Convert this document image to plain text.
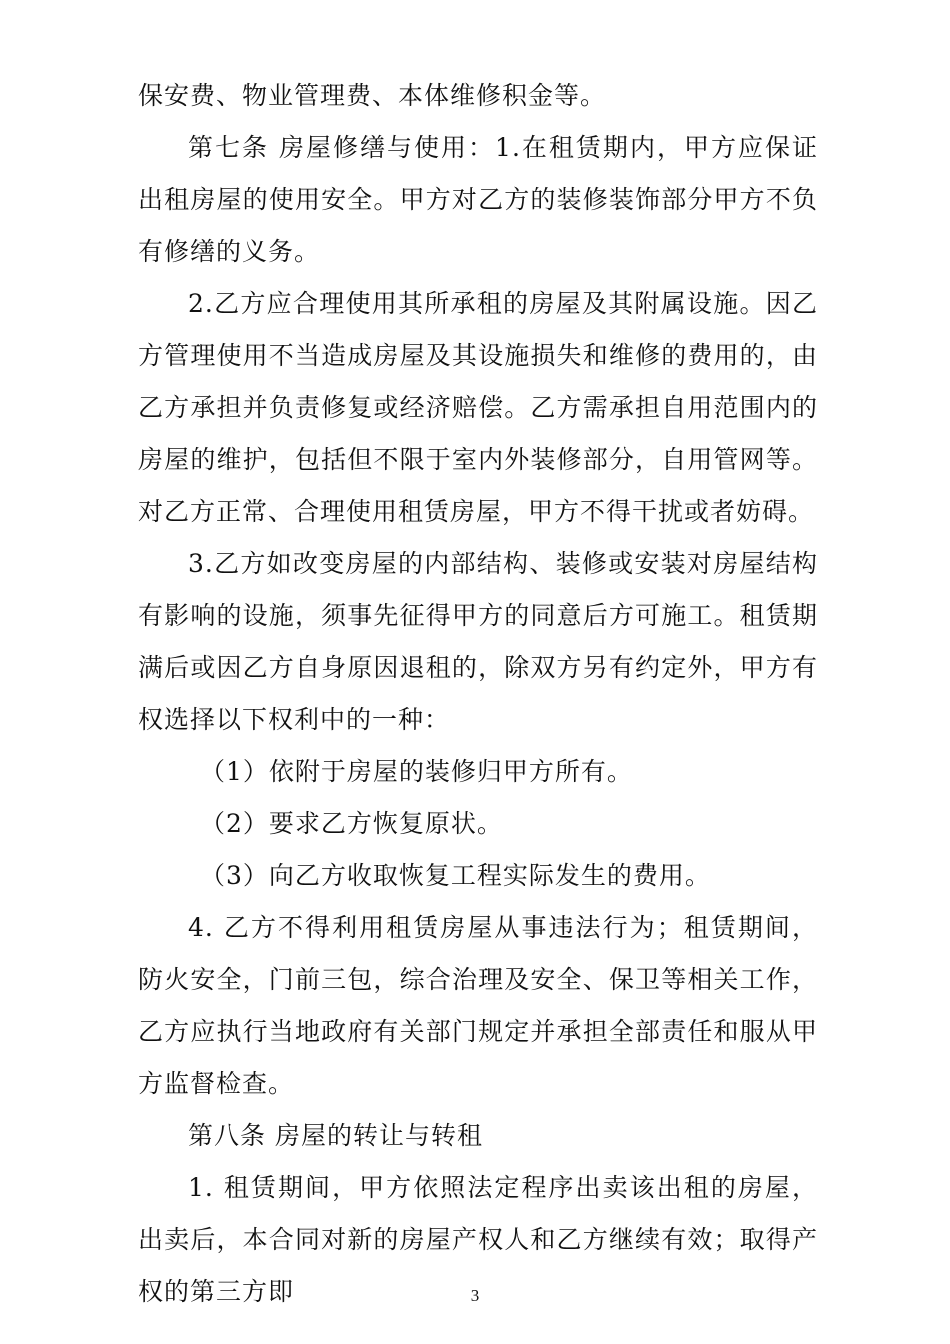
保安费、物业管理费、本体维修积金等。

第七条 房屋修缮与使用：1.在租赁期内，甲方应保证出租房屋的使用安全。甲方对乙方的装修装饰部分甲方不负有修缮的义务。

2.乙方应合理使用其所承租的房屋及其附属设施。因乙方管理使用不当造成房屋及其设施损失和维修的费用的，由乙方承担并负责修复或经济赔偿。乙方需承担自用范围内的房屋的维护，包括但不限于室内外装修部分，自用管网等。对乙方正常、合理使用租赁房屋，甲方不得干扰或者妨碍。

3.乙方如改变房屋的内部结构、装修或安装对房屋结构有影响的设施，须事先征得甲方的同意后方可施工。租赁期满后或因乙方自身原因退租的，除双方另有约定外，甲方有权选择以下权利中的一种：

（1）依附于房屋的装修归甲方所有。

（2）要求乙方恢复原状。

（3）向乙方收取恢复工程实际发生的费用。

4. 乙方不得利用租赁房屋从事违法行为；租赁期间，防火安全，门前三包，综合治理及安全、保卫等相关工作，乙方应执行当地政府有关部门规定并承担全部责任和服从甲方监督检查。

第八条 房屋的转让与转租

1. 租赁期间，甲方依照法定程序出卖该出租的房屋，出卖后，本合同对新的房屋产权人和乙方继续有效；取得产权的第三方即	3
